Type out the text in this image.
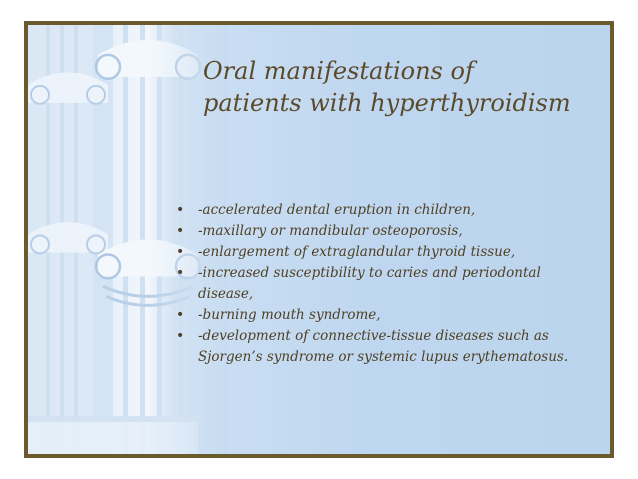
Oral manifestations of
patients with hyperthyroidism
• -accelerated dental eruption in children,
• -maxillary or mandibular osteoporosis,
• -enlargement of extraglandular thyroid tissue,
• -increased susceptibility to caries and periodontal disease,
• -burning mouth syndrome,
• -development of connective-tissue diseases such as Sjorgen’s syndrome or systemic lupus erythematosus.
